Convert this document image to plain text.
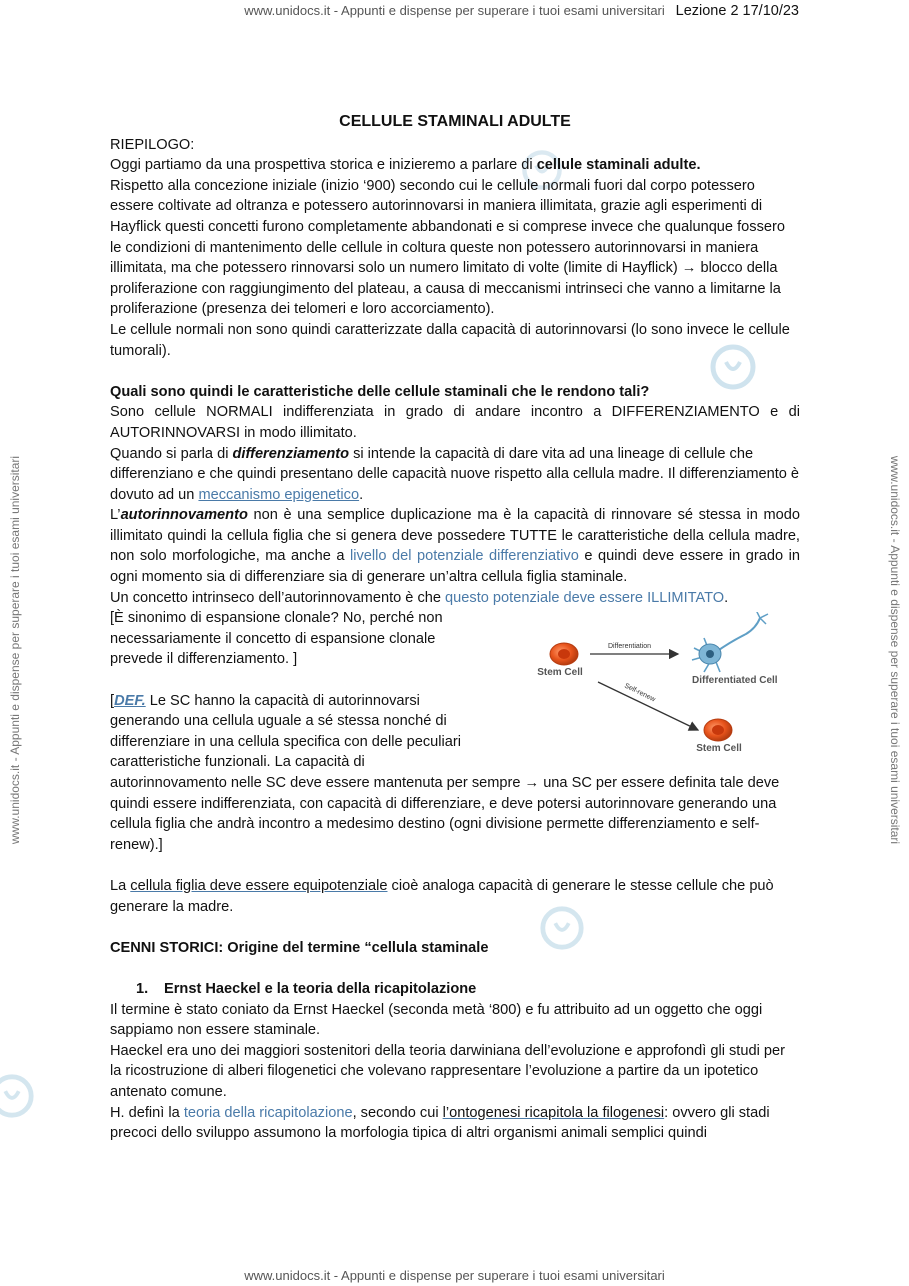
www.unidocs.it - Appunti e dispense per superare i tuoi esami universitari Lezione 2 17/10/23
www.unidocs.it - Appunti e dispense per superare i tuoi esami universitari	www.unidocs.it - Appunti e dispense per superare i tuoi esami universitari

CELLULE STAMINALI ADULTE

RIEPILOGO:

Oggi partiamo da una prospettiva storica e inizieremo a parlare di cellule staminali adulte.

Rispetto alla concezione iniziale (inizio ‘900) secondo cui le cellule normali fuori dal corpo potessero essere coltivate ad oltranza e potessero autorinnovarsi in maniera illimitata, grazie agli esperimenti di Hayflick questi concetti furono completamente abbandonati e si comprese invece che qualunque fossero le condizioni di mantenimento delle cellule in coltura queste non potessero autorinnovarsi in maniera illimitata, ma che potessero rinnovarsi solo un numero limitato di volte (limite di Hayflick) → blocco della proliferazione con raggiungimento del plateau, a causa di meccanismi intrinseci che vanno a limitarne la proliferazione (presenza dei telomeri e loro accorciamento).

Le cellule normali non sono quindi caratterizzate dalla capacità di autorinnovarsi (lo sono invece le cellule tumorali).

Quali sono quindi le caratteristiche delle cellule staminali che le rendono tali?

Sono cellule NORMALI indifferenziata in grado di andare incontro a DIFFERENZIAMENTO e di AUTORINNOVARSI in modo illimitato.

Quando si parla di differenziamento si intende la capacità di dare vita ad una lineage di cellule che differenziano e che quindi presentano delle capacità nuove rispetto alla cellula madre. Il differenziamento è dovuto ad un meccanismo epigenetico.

L’autorinnovamento non è una semplice duplicazione ma è la capacità di rinnovare sé stessa in modo illimitato quindi la cellula figlia che si genera deve possedere TUTTE le caratteristiche della cellula madre, non solo morfologiche, ma anche a livello del potenziale differenziativo e quindi deve essere in grado in ogni momento sia di differenziare sia di generare un’altra cellula figlia staminale.

Un concetto intrinseco dell’autorinnovamento è che questo potenziale deve essere ILLIMITATO.

[È sinonimo di espansione clonale? No, perché non necessariamente il concetto di espansione clonale prevede il differenziamento. ]

[DEF. Le SC hanno la capacità di autorinnovarsi generando una cellula uguale a sé stessa nonché di differenziare in una cellula specifica con delle peculiari caratteristiche funzionali. La capacità di

autorinnovamento nelle SC deve essere mantenuta per sempre → una SC per essere definita tale deve quindi essere indifferenziata, con capacità di differenziare, e deve potersi autorinnovare generando una cellula figlia che andrà incontro a medesimo destino (ogni divisione permette differenziamento e self-renew).]

La cellula figlia deve essere equipotenziale cioè analoga capacità di generare le stesse cellule che può generare la madre.

CENNI STORICI: Origine del termine “cellula staminale

1. Ernst Haeckel e la teoria della ricapitolazione

Il termine è stato coniato da Ernst Haeckel (seconda metà ‘800) e fu attribuito ad un oggetto che oggi sappiamo non essere staminale.

Haeckel era uno dei maggiori sostenitori della teoria darwiniana dell’evoluzione e approfondì gli studi per la ricostruzione di alberi filogenetici che volevano rappresentare l’evoluzione a partire da un ipotetico antenato comune.

H. definì la teoria della ricapitolazione, secondo cui l’ontogenesi ricapitola la filogenesi: ovvero gli stadi precoci dello sviluppo assumono la morfologia tipica di altri organismi animali semplici quindi

Stem Cell
Differentiation
Self-renew
Differentiated Cell
Stem Cell
www.unidocs.it - Appunti e dispense per superare i tuoi esami universitari
